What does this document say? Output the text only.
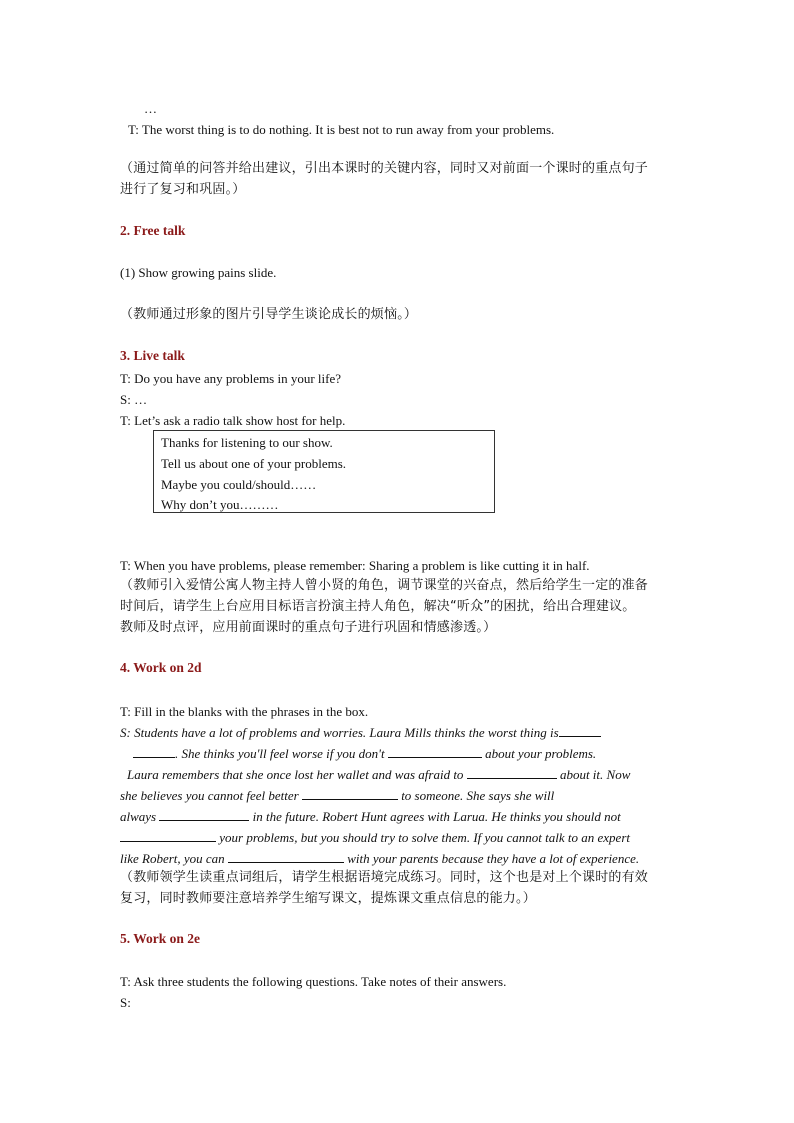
…
T: The worst thing is to do nothing. It is best not to run away from your problems.
（通过简单的问答并给出建议，引出本课时的关键内容，同时又对前面一个课时的重点句子
进行了复习和巩固。）
2. Free talk
(1) Show growing pains slide.
（教师通过形象的图片引导学生谈论成长的烦恼。）
3. Live talk
T: Do you have any problems in your life?
S: …
T: Let’s ask a radio talk show host for help.
Thanks for listening to our show.
Tell us about one of your problems.
Maybe you could/should……
Why don’t you………
T: When you have problems, please remember: Sharing a problem is like cutting it in half.
（教师引入爱情公寓人物主持人曾小贤的角色，调节课堂的兴奋点，然后给学生一定的准备
时间后，请学生上台应用目标语言扮演主持人角色，解决“听众”的困扰，给出合理建议。
教师及时点评，应用前面课时的重点句子进行巩固和情感渗透。）
4. Work on 2d
T: Fill in the blanks with the phrases in the box.
S: Students have a lot of problems and worries. Laura Mills thinks the worst thing is
. She thinks you'll feel worse if you don't	about your problems.
Laura remembers that she once lost her wallet and was afraid to	about it. Now
she believes you cannot feel better	to someone. She says she will
always	in the future. Robert Hunt agrees with Larua. He thinks you should not
your problems, but you should try to solve them. If you cannot talk to an expert
like Robert, you can	with your parents because they have a lot of experience.
（教师领学生读重点词组后，请学生根据语境完成练习。同时，这个也是对上个课时的有效
复习，同时教师要注意培养学生缩写课文，提炼课文重点信息的能力。）
5. Work on 2e
T: Ask three students the following questions. Take notes of their answers.
S:
